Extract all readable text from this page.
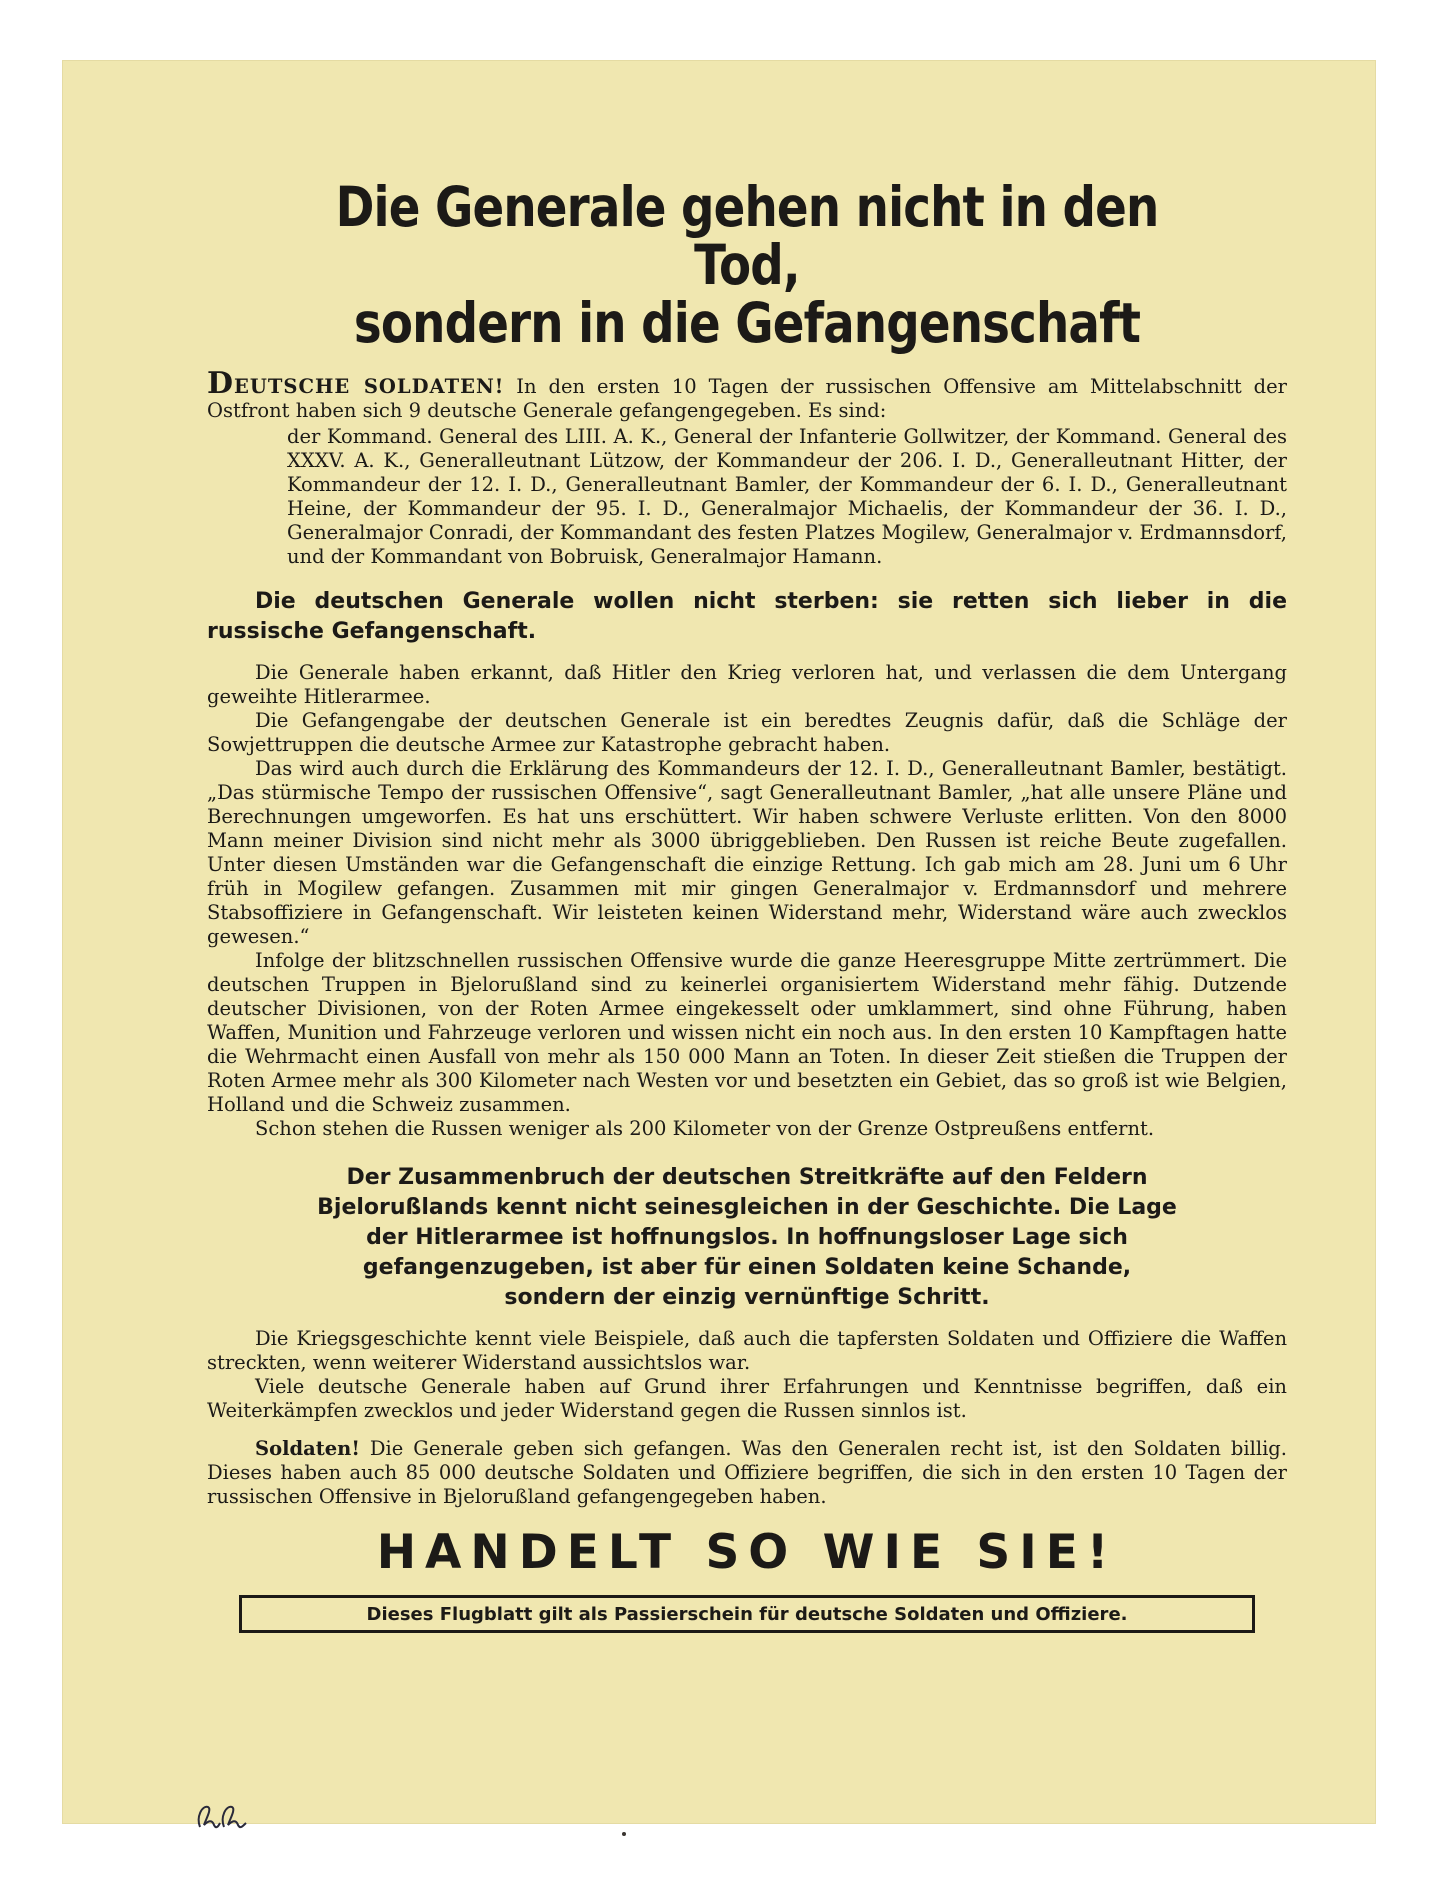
Die Generale gehen nicht in den Tod,
sondern in die Gefangenschaft
DEUTSCHE SOLDATEN! In den ersten 10 Tagen der russischen Offensive am Mittelabschnitt der Ostfront haben sich 9 deutsche Generale gefangengegeben. Es sind:
der Kommand. General des LIII. A. K., General der Infanterie Gollwitzer, der Kommand. General des XXXV. A. K., Generalleutnant Lützow, der Kommandeur der 206. I. D., Generalleutnant Hitter, der Kommandeur der 12. I. D., Generalleutnant Bamler, der Kommandeur der 6. I. D., Generalleutnant Heine, der Kommandeur der 95. I. D., Generalmajor Michaelis, der Kommandeur der 36. I. D., Generalmajor Conradi, der Kommandant des festen Platzes Mogilew, Generalmajor v. Erdmannsdorf, und der Kommandant von Bobruisk, Generalmajor Hamann.
Die deutschen Generale wollen nicht sterben: sie retten sich lieber in die russische Gefangenschaft.
Die Generale haben erkannt, daß Hitler den Krieg verloren hat, und verlassen die dem Untergang geweihte Hitlerarmee.
Die Gefangengabe der deutschen Generale ist ein beredtes Zeugnis dafür, daß die Schläge der Sowjettruppen die deutsche Armee zur Katastrophe gebracht haben.
Das wird auch durch die Erklärung des Kommandeurs der 12. I. D., Generalleutnant Bamler, bestätigt. „Das stürmische Tempo der russischen Offensive“, sagt Generalleutnant Bamler, „hat alle unsere Pläne und Berechnungen umgeworfen. Es hat uns erschüttert. Wir haben schwere Verluste erlitten. Von den 8000 Mann meiner Division sind nicht mehr als 3000 übriggeblieben. Den Russen ist reiche Beute zugefallen. Unter diesen Umständen war die Gefangenschaft die einzige Rettung. Ich gab mich am 28. Juni um 6 Uhr früh in Mogilew gefangen. Zusammen mit mir gingen Generalmajor v. Erdmannsdorf und mehrere Stabsoffiziere in Gefangenschaft. Wir leisteten keinen Widerstand mehr, Widerstand wäre auch zwecklos gewesen.“
Infolge der blitzschnellen russischen Offensive wurde die ganze Heeresgruppe Mitte zertrümmert. Die deutschen Truppen in Bjelorußland sind zu keinerlei organisiertem Widerstand mehr fähig. Dutzende deutscher Divisionen, von der Roten Armee eingekesselt oder umklammert, sind ohne Führung, haben Waffen, Munition und Fahrzeuge verloren und wissen nicht ein noch aus. In den ersten 10 Kampftagen hatte die Wehrmacht einen Ausfall von mehr als 150 000 Mann an Toten. In dieser Zeit stießen die Truppen der Roten Armee mehr als 300 Kilometer nach Westen vor und besetzten ein Gebiet, das so groß ist wie Belgien, Holland und die Schweiz zusammen.
Schon stehen die Russen weniger als 200 Kilometer von der Grenze Ostpreußens entfernt.
Der Zusammenbruch der deutschen Streitkräfte auf den Feldern Bjelorußlands kennt nicht seinesgleichen in der Geschichte. Die Lage der Hitlerarmee ist hoffnungslos. In hoffnungsloser Lage sich gefangenzugeben, ist aber für einen Soldaten keine Schande, sondern der einzig vernünftige Schritt.
Die Kriegsgeschichte kennt viele Beispiele, daß auch die tapfersten Soldaten und Offiziere die Waffen streckten, wenn weiterer Widerstand aussichtslos war.
Viele deutsche Generale haben auf Grund ihrer Erfahrungen und Kenntnisse begriffen, daß ein Weiterkämpfen zwecklos und jeder Widerstand gegen die Russen sinnlos ist.
Soldaten! Die Generale geben sich gefangen. Was den Generalen recht ist, ist den Soldaten billig. Dieses haben auch 85 000 deutsche Soldaten und Offiziere begriffen, die sich in den ersten 10 Tagen der russischen Offensive in Bjelorußland gefangengegeben haben.
HANDELT SO WIE SIE!
Dieses Flugblatt gilt als Passierschein für deutsche Soldaten und Offiziere.
